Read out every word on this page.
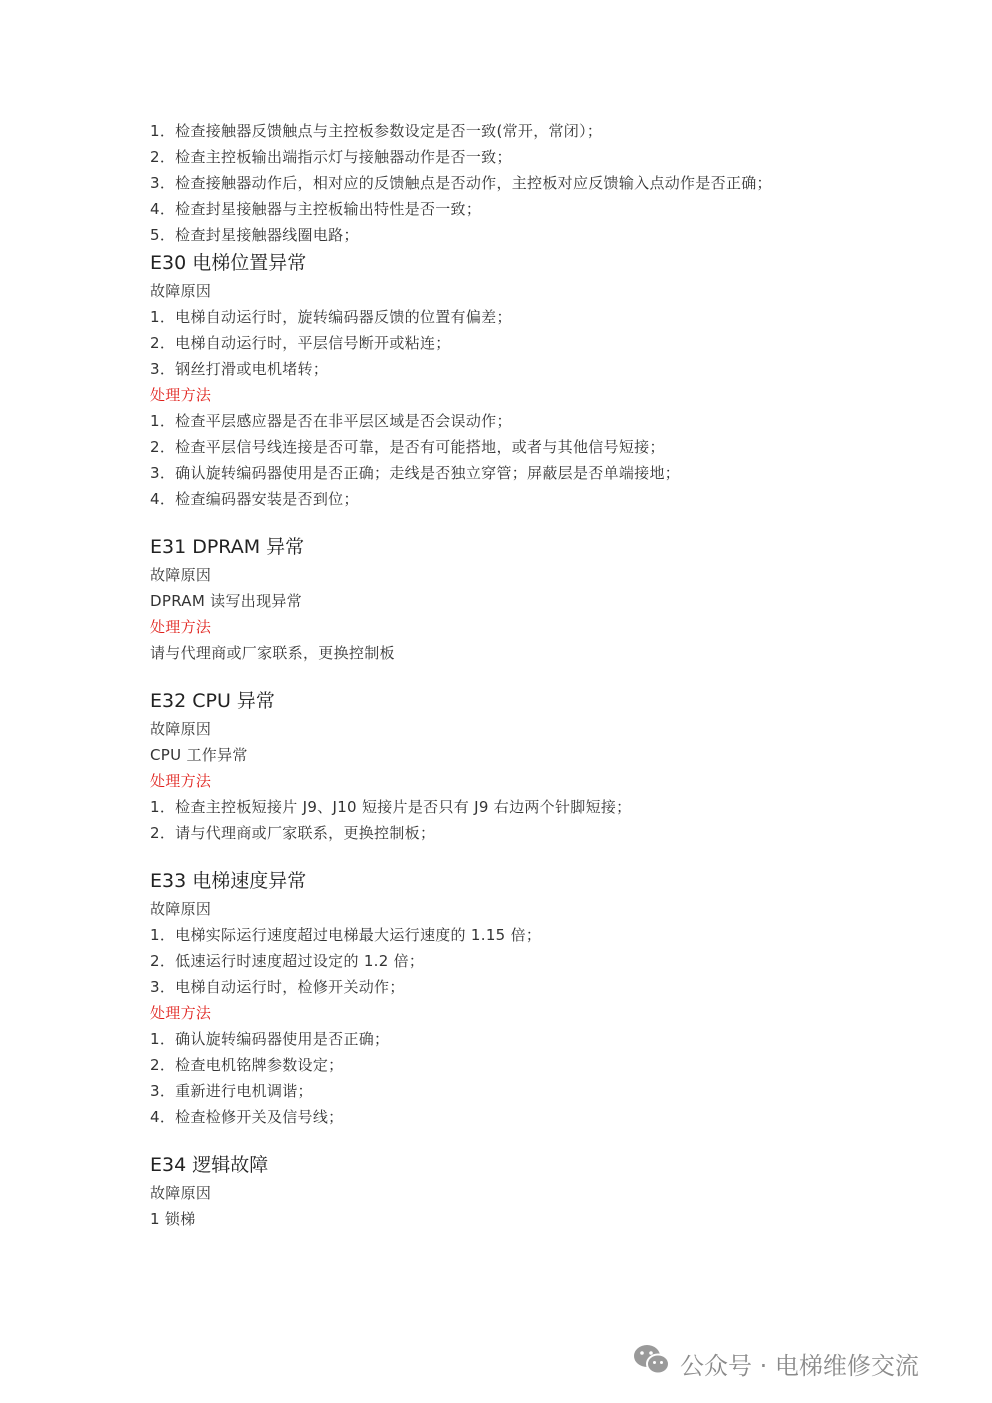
1．检查接触器反馈触点与主控板参数设定是否一致(常开，常闭）；
2．检查主控板输出端指示灯与接触器动作是否一致；
3．检查接触器动作后，相对应的反馈触点是否动作，主控板对应反馈输入点动作是否正确；
4．检查封星接触器与主控板输出特性是否一致；
5．检查封星接触器线圈电路；
E30 电梯位置异常
故障原因
1．电梯自动运行时，旋转编码器反馈的位置有偏差；
2．电梯自动运行时，平层信号断开或粘连；
3．钢丝打滑或电机堵转；
处理方法
1．检查平层感应器是否在非平层区域是否会误动作；
2．检查平层信号线连接是否可靠，是否有可能搭地，或者与其他信号短接；
3．确认旋转编码器使用是否正确；走线是否独立穿管；屏蔽层是否单端接地；
4．检查编码器安装是否到位；
E31 DPRAM 异常
故障原因
DPRAM 读写出现异常
处理方法
请与代理商或厂家联系，更换控制板
E32 CPU 异常
故障原因
CPU 工作异常
处理方法
1．检查主控板短接片 J9、J10 短接片是否只有 J9 右边两个针脚短接；
2．请与代理商或厂家联系，更换控制板；
E33 电梯速度异常
故障原因
1．电梯实际运行速度超过电梯最大运行速度的 1.15 倍；
2．低速运行时速度超过设定的 1.2 倍；
3．电梯自动运行时，检修开关动作；
处理方法
1．确认旋转编码器使用是否正确；
2．检查电机铭牌参数设定；
3．重新进行电机调谐；
4．检查检修开关及信号线；
E34 逻辑故障
故障原因
1 锁梯
公众号 · 电梯维修交流
